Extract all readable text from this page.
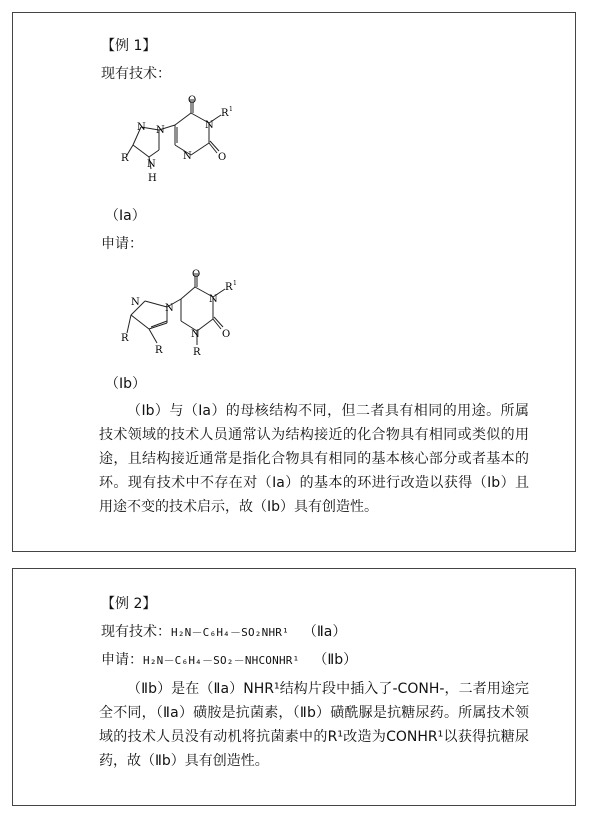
【例 1】
现有技术：
N N	N
N
N
H
O
O
R
R 1
（Ia）
申请：
N
N
N
N
O
O
R
R	R
R 1
（Ib）
（Ib）与（Ia）的母核结构不同，但二者具有相同的用途。所属技术领域的技术人员通常认为结构接近的化合物具有相同或类似的用途，且结构接近通常是指化合物具有相同的基本核心部分或者基本的环。现有技术中不存在对（Ia）的基本的环进行改造以获得（Ib）且用途不变的技术启示，故（Ib）具有创造性。
【例 2】
现有技术：H₂N－C₆H₄－SO₂NHR¹ （Ⅱa）
申请：H₂N－C₆H₄－SO₂－NHCONHR¹ （Ⅱb）
（Ⅱb）是在（Ⅱa）NHR¹结构片段中插入了-CONH-，二者用途完全不同，（Ⅱa）磺胺是抗菌素，（Ⅱb）磺酰脲是抗糖尿药。所属技术领域的技术人员没有动机将抗菌素中的R¹改造为CONHR¹以获得抗糖尿药，故（Ⅱb）具有创造性。
